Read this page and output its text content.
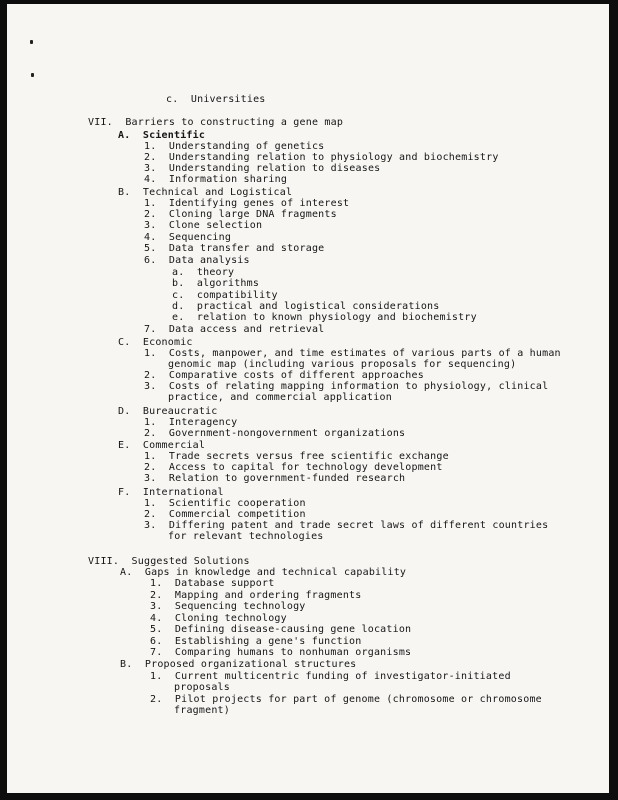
c.  Universities
VII.  Barriers to constructing a gene map
A.  Scientific
1.  Understanding of genetics
2.  Understanding relation to physiology and biochemistry
3.  Understanding relation to diseases
4.  Information sharing
B.  Technical and Logistical
1.  Identifying genes of interest
2.  Cloning large DNA fragments
3.  Clone selection
4.  Sequencing
5.  Data transfer and storage
6.  Data analysis
a.  theory
b.  algorithms
c.  compatibility
d.  practical and logistical considerations
e.  relation to known physiology and biochemistry
7.  Data access and retrieval
C.  Economic
1.  Costs, manpower, and time estimates of various parts of a human
genomic map (including various proposals for sequencing)
2.  Comparative costs of different approaches
3.  Costs of relating mapping information to physiology, clinical
practice, and commercial application
D.  Bureaucratic
1.  Interagency
2.  Government-nongovernment organizations
E.  Commercial
1.  Trade secrets versus free scientific exchange
2.  Access to capital for technology development
3.  Relation to government-funded research
F.  International
1.  Scientific cooperation
2.  Commercial competition
3.  Differing patent and trade secret laws of different countries
for relevant technologies
VIII.  Suggested Solutions
A.  Gaps in knowledge and technical capability
1.  Database support
2.  Mapping and ordering fragments
3.  Sequencing technology
4.  Cloning technology
5.  Defining disease-causing gene location
6.  Establishing a gene's function
7.  Comparing humans to nonhuman organisms
B.  Proposed organizational structures
1.  Current multicentric funding of investigator-initiated
proposals
2.  Pilot projects for part of genome (chromosome or chromosome
fragment)
